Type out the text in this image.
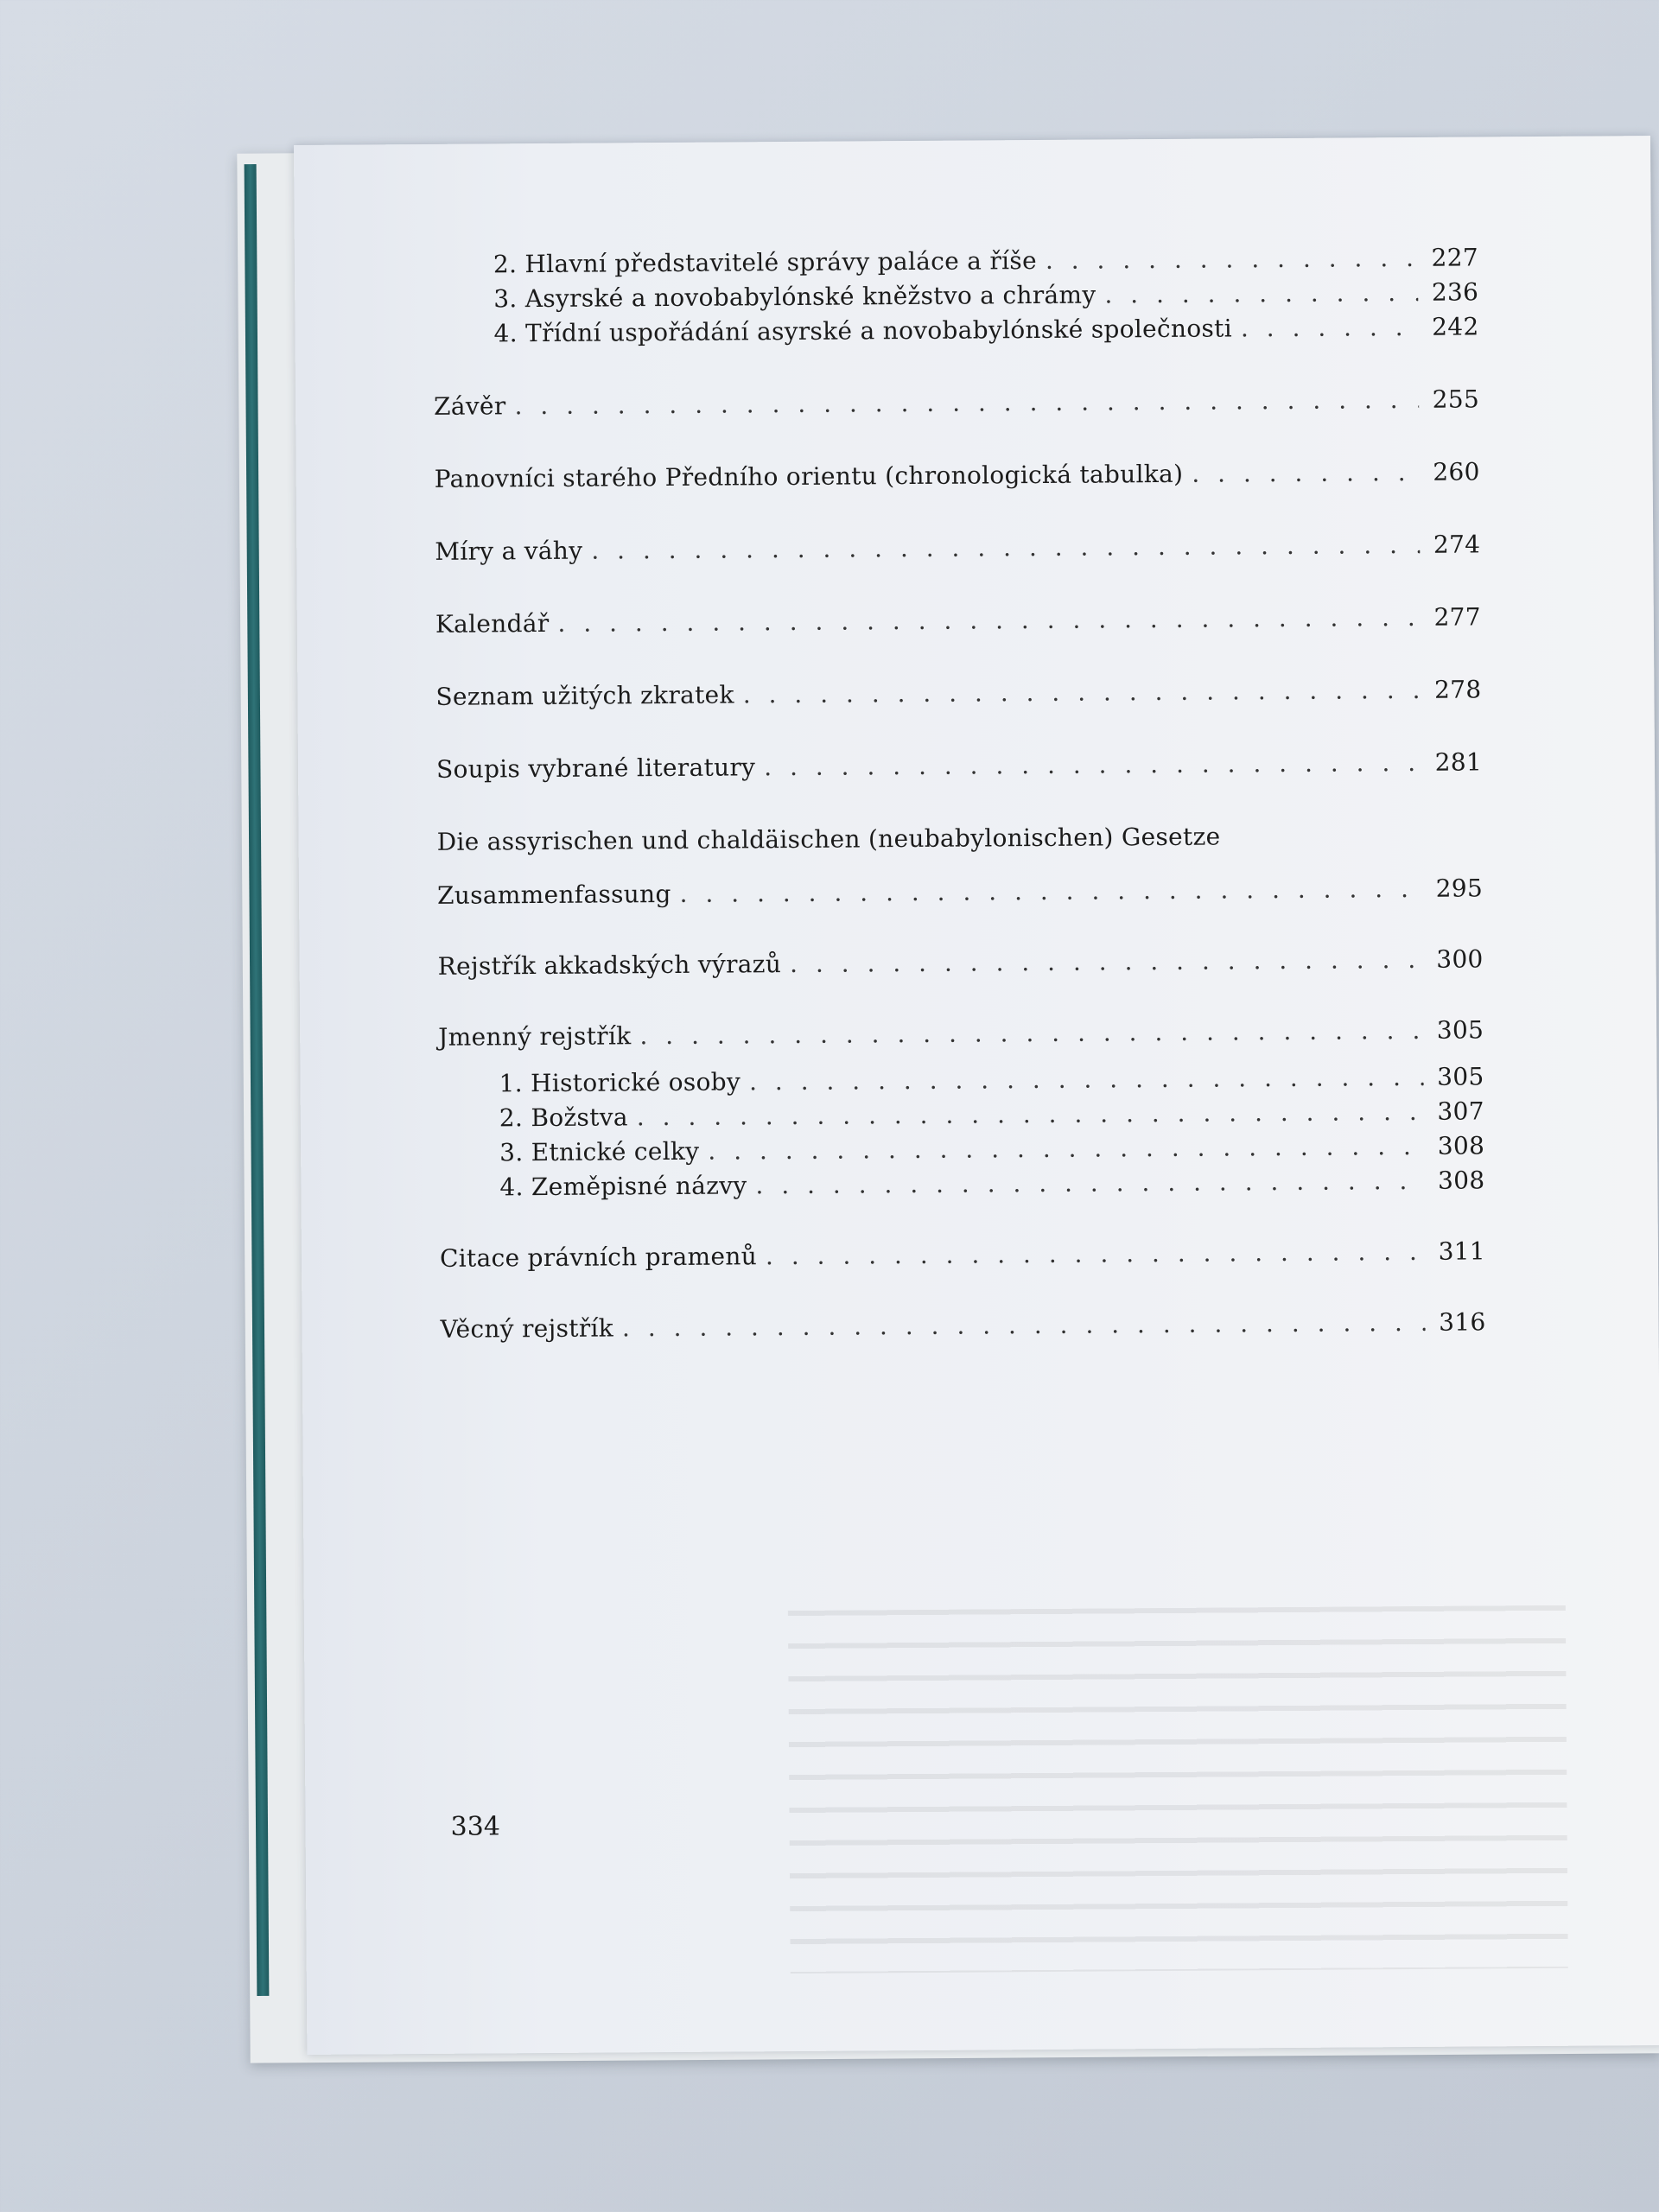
2. Hlavní představitelé správy paláce a říše . . .	227
3. Asyrské a novobabylónské kněžstvo a chrámy . . .	236
4. Třídní uspořádání asyrské a novobabylónské společnosti . . .	242
Závěr . . .	255
Panovníci starého Předního orientu (chronologická tabulka) . . .	260
Míry a váhy . . .	274
Kalendář . . .	277
Seznam užitých zkratek . . .	278
Soupis vybrané literatury . . .	281
Die assyrischen und chaldäischen (neubabylonischen) Gesetze
Zusammenfassung . . .	295
Rejstřík akkadských výrazů . . .	300
Jmenný rejstřík . . .	305
1. Historické osoby . . .	305
2. Božstva . . .	307
3. Etnické celky . . .	308
4. Zeměpisné názvy . . .	308
Citace právních pramenů . . .	311
Věcný rejstřík . . .	316
334
